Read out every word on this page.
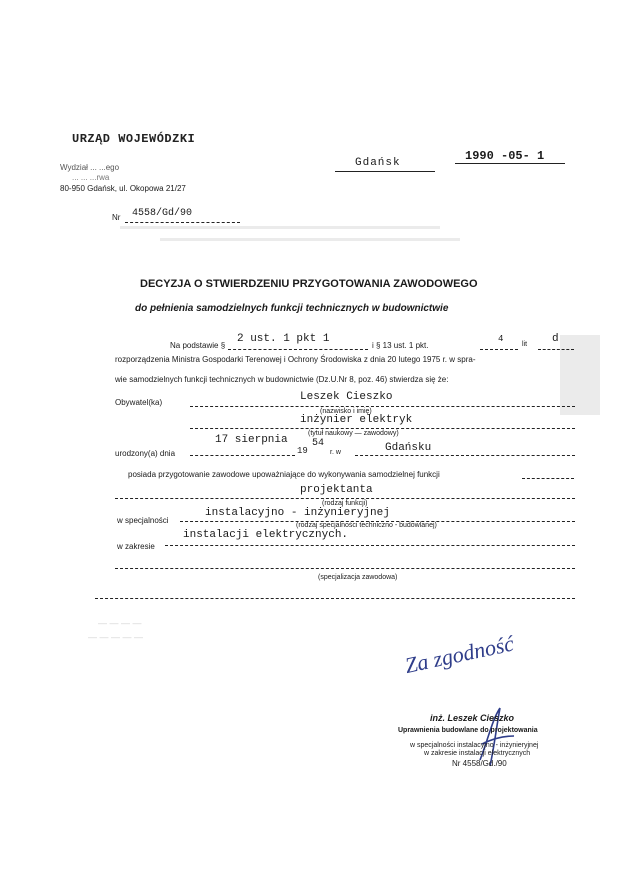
URZĄD WOJEWÓDZKI
Wydział ... ...ego
... ... ...rwa
80-950 Gdańsk, ul. Okopowa 21/27
Gdańsk	1990 -05- 1
Nr 4558/Gd/90
DECYZJA O STWIERDZENIU PRZYGOTOWANIA ZAWODOWEGO
do pełnienia samodzielnych funkcji technicznych w budownictwie
Na podstawie §
2 ust. 1 pkt 1
i § 13 ust. 1 pkt.
4
lit d
rozporządzenia Ministra Gospodarki Terenowej i Ochrony Środowiska z dnia 20 lutego 1975 r. w spra-
wie samodzielnych funkcji technicznych w budownictwie (Dz.U.Nr 8, poz. 46) stwierdza się że:
Obywatel(ka)	Leszek Cieszko
(nazwisko i imię)
inżynier elektryk
(tytuł naukowy — zawodowy)
urodzony(a) dnia
17 sierpnia
19
54
r. w	Gdańsku
posiada przygotowanie zawodowe upoważniające do wykonywania samodzielnej funkcji
projektanta
(rodzaj funkcji)
w specjalności
instalacyjno - inżynieryjnej
(rodzaj specjalności techniczno - budowlanej)
w zakresie
instalacji elektrycznych.
(specjalizacja zawodowa)
— — — —
— — — — —	Za zgodność
inż. Leszek Cieszko
Uprawnienia budowlane do projektowania
w specjalności instalacyjno - inżynieryjnej
w zakresie instalacji elektrycznych
Nr 4558/Gd./90
